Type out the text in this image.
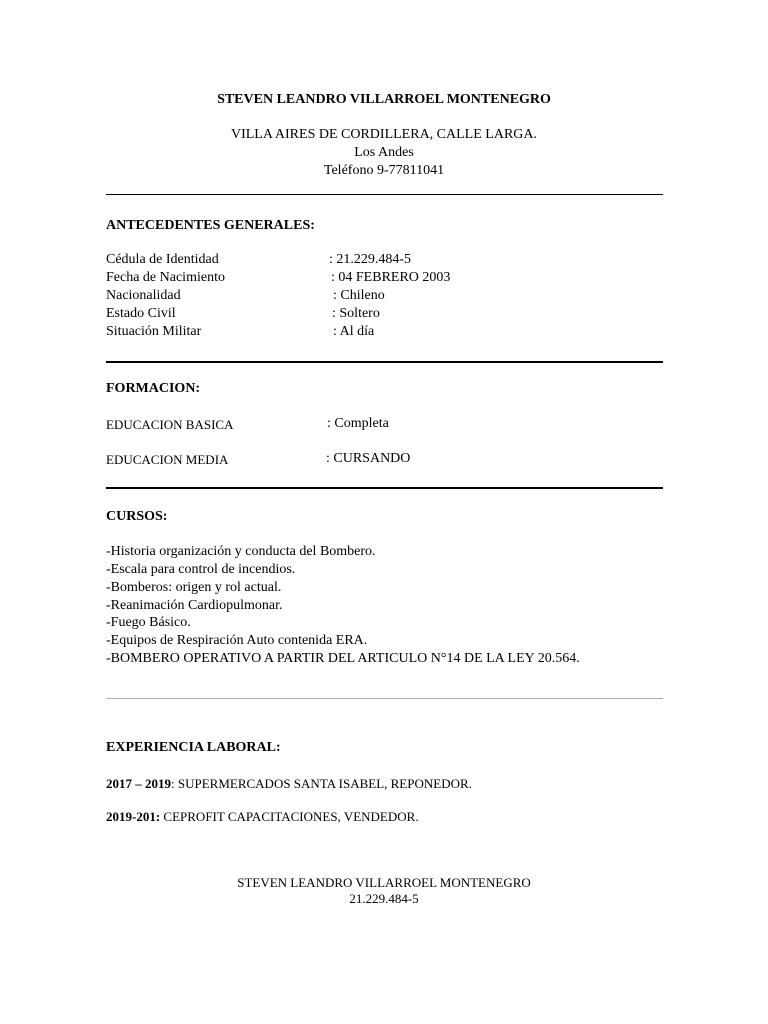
STEVEN LEANDRO VILLARROEL MONTENEGRO
VILLA AIRES DE CORDILLERA, CALLE LARGA.
Los Andes
Teléfono 9-77811041
ANTECEDENTES GENERALES:
Cédula de Identidad	: 21.229.484-5
Fecha de Nacimiento	: 04 FEBRERO 2003
Nacionalidad	: Chileno
Estado Civil	: Soltero
Situación Militar	: Al día
FORMACION:
EDUCACION BASICA	: Completa
EDUCACION MEDIA	: CURSANDO
CURSOS:
-Historia organización y conducta del Bombero.
-Escala para control de incendios.
-Bomberos: origen y rol actual.
-Reanimación Cardiopulmonar.
-Fuego Básico.
-Equipos de Respiración Auto contenida ERA.
-BOMBERO OPERATIVO A PARTIR DEL ARTICULO N°14 DE LA LEY 20.564.
EXPERIENCIA LABORAL:
2017 – 2019: SUPERMERCADOS SANTA ISABEL, REPONEDOR.
2019-201: CEPROFIT CAPACITACIONES, VENDEDOR.
STEVEN LEANDRO VILLARROEL MONTENEGRO
21.229.484-5
